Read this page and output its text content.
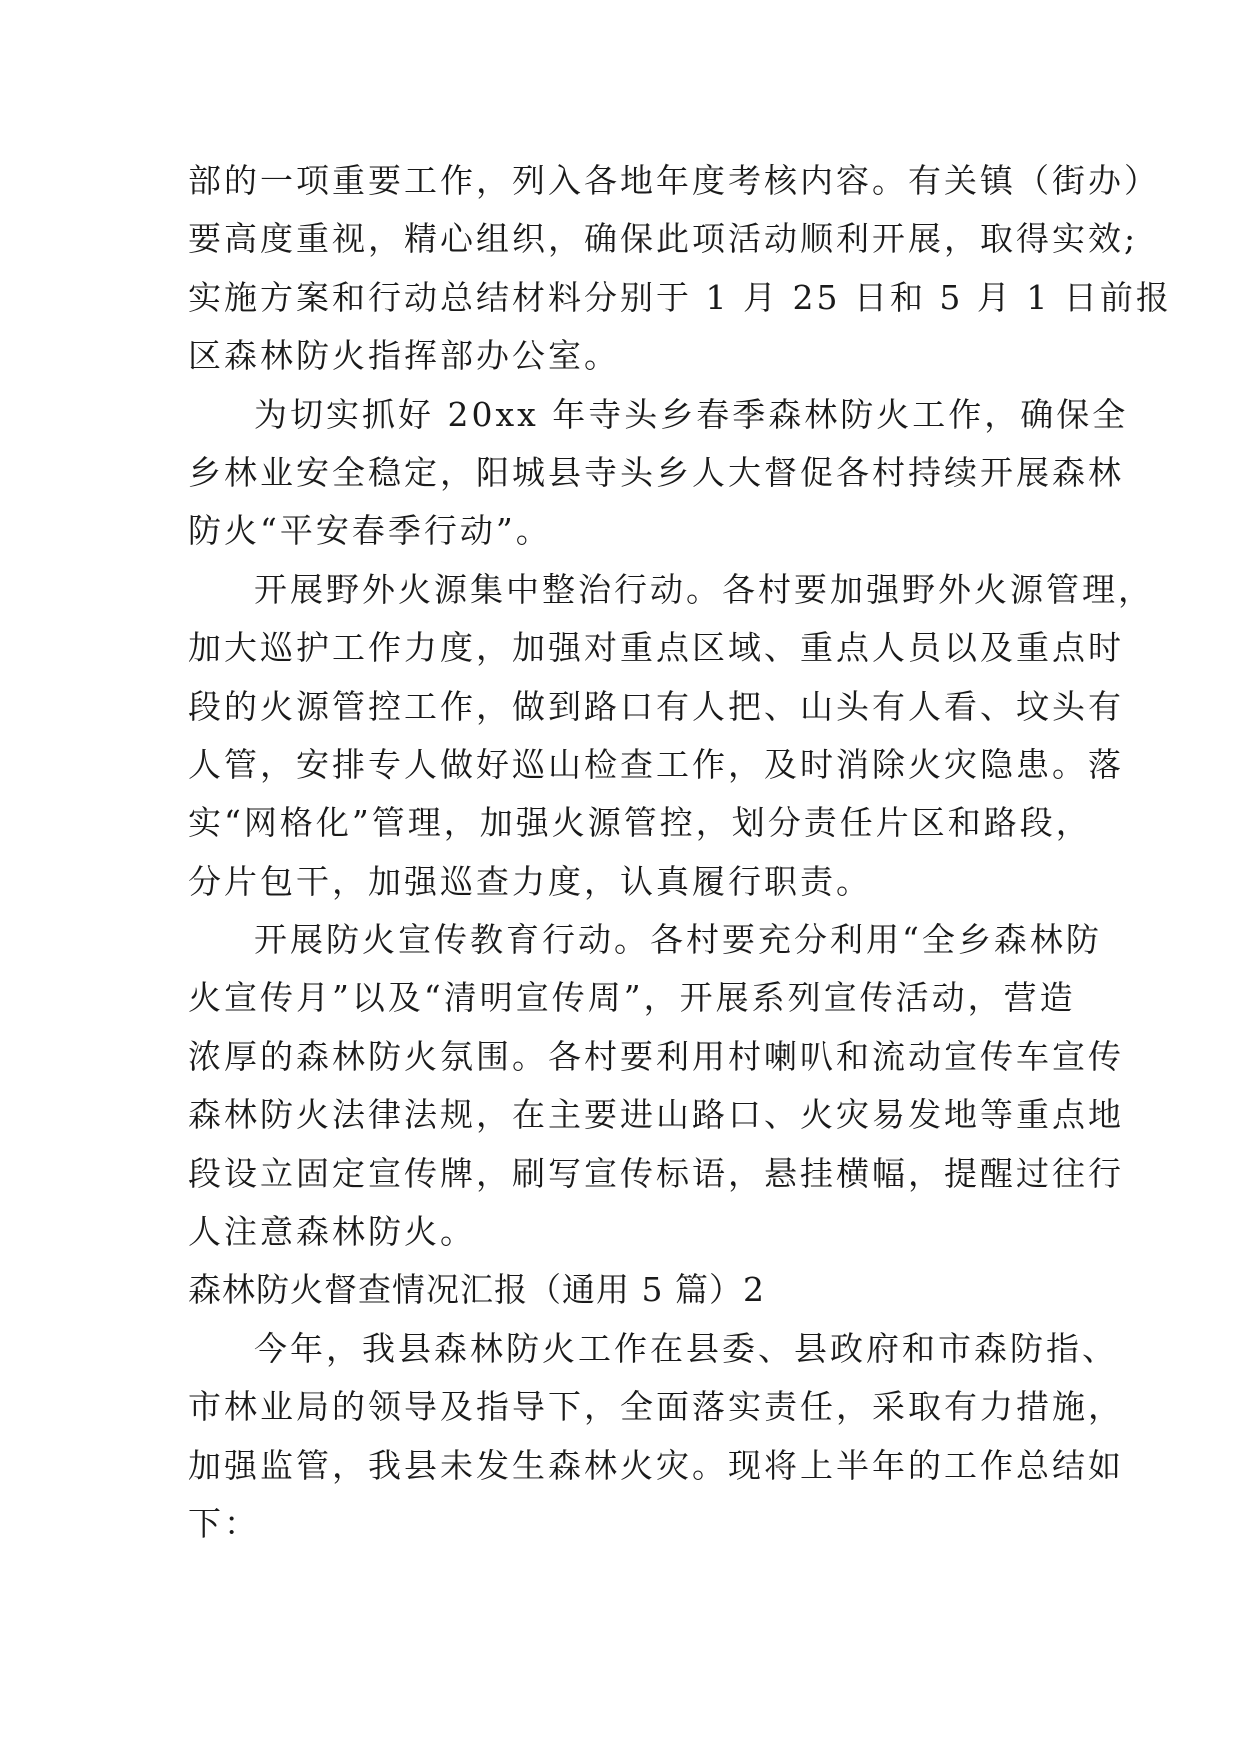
部的一项重要工作，列入各地年度考核内容。有关镇（街办）
要高度重视，精心组织，确保此项活动顺利开展，取得实效;
实施方案和行动总结材料分别于 1 月 25 日和 5 月 1 日前报
区森林防火指挥部办公室。
为切实抓好 20xx 年寺头乡春季森林防火工作，确保全
乡林业安全稳定，阳城县寺头乡人大督促各村持续开展森林
防火“平安春季行动”。
开展野外火源集中整治行动。各村要加强野外火源管理，
加大巡护工作力度，加强对重点区域、重点人员以及重点时
段的火源管控工作，做到路口有人把、山头有人看、坟头有
人管，安排专人做好巡山检查工作，及时消除火灾隐患。落
实“网格化”管理，加强火源管控，划分责任片区和路段，
分片包干，加强巡查力度，认真履行职责。
开展防火宣传教育行动。各村要充分利用“全乡森林防
火宣传月”以及“清明宣传周”，开展系列宣传活动，营造
浓厚的森林防火氛围。各村要利用村喇叭和流动宣传车宣传
森林防火法律法规，在主要进山路口、火灾易发地等重点地
段设立固定宣传牌，刷写宣传标语，悬挂横幅，提醒过往行
人注意森林防火。
森林防火督查情况汇报（通用 5 篇）2
今年，我县森林防火工作在县委、县政府和市森防指、
市林业局的领导及指导下，全面落实责任，采取有力措施，
加强监管，我县未发生森林火灾。现将上半年的工作总结如
下：
